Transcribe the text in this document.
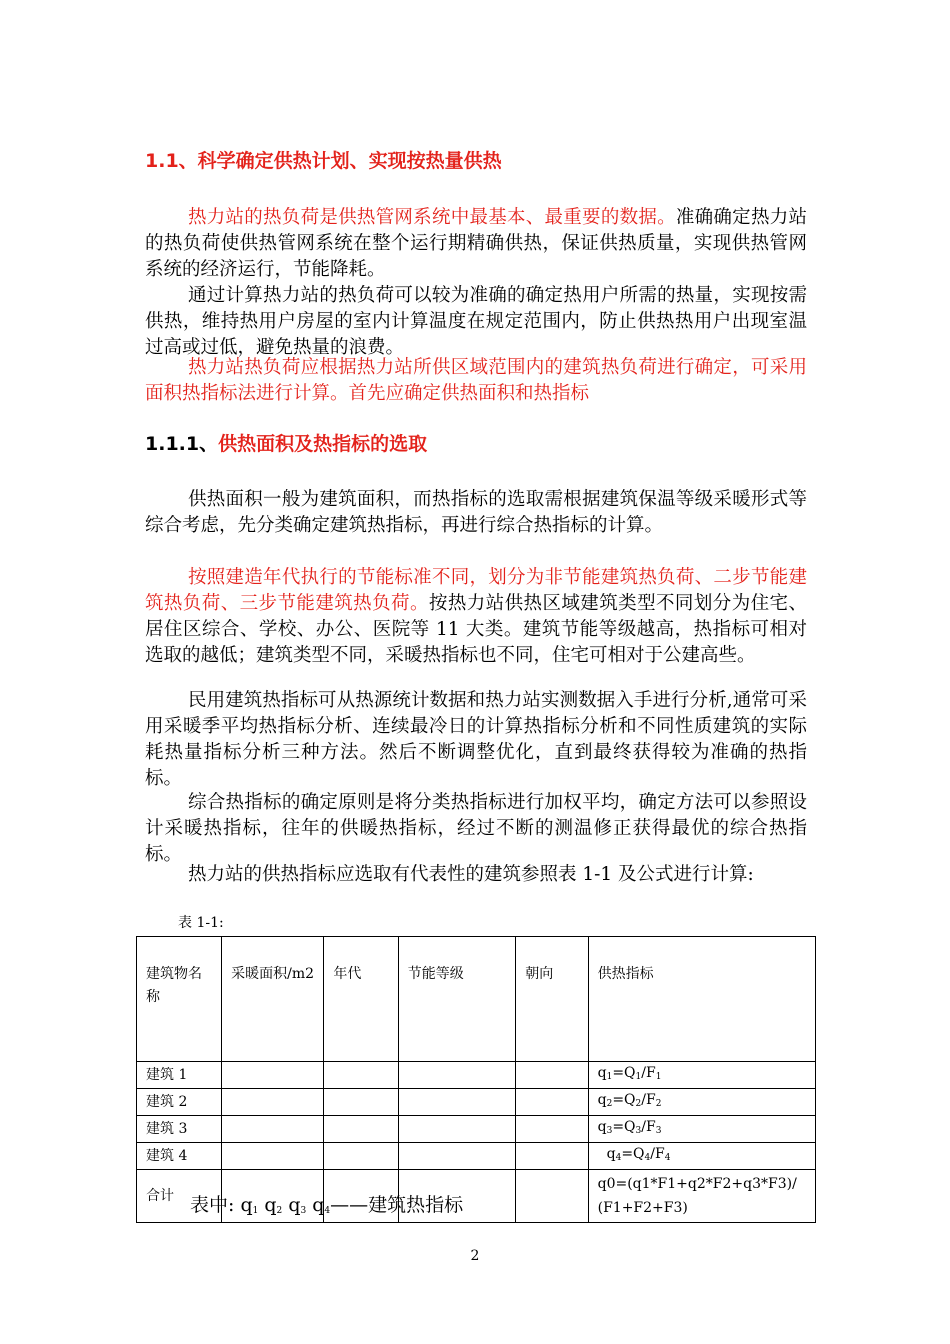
1.1、科学确定供热计划、实现按热量供热

热力站的热负荷是供热管网系统中最基本、最重要的数据。准确确定热力站的热负荷使供热管网系统在整个运行期精确供热，保证供热质量，实现供热管网系统的经济运行，节能降耗。

通过计算热力站的热负荷可以较为准确的确定热用户所需的热量，实现按需供热，维持热用户房屋的室内计算温度在规定范围内，防止供热热用户出现室温过高或过低，避免热量的浪费。

热力站热负荷应根据热力站所供区域范围内的建筑热负荷进行确定，可采用面积热指标法进行计算。首先应确定供热面积和热指标

1.1.1、供热面积及热指标的选取

供热面积一般为建筑面积，而热指标的选取需根据建筑保温等级采暖形式等综合考虑，先分类确定建筑热指标，再进行综合热指标的计算。

按照建造年代执行的节能标准不同，划分为非节能建筑热负荷、二步节能建筑热负荷、三步节能建筑热负荷。按热力站供热区域建筑类型不同划分为住宅、居住区综合、学校、办公、医院等 11 大类。建筑节能等级越高，热指标可相对选取的越低；建筑类型不同，采暖热指标也不同，住宅可相对于公建高些。

民用建筑热指标可从热源统计数据和热力站实测数据入手进行分析,通常可采用采暖季平均热指标分析、连续最冷日的计算热指标分析和不同性质建筑的实际耗热量指标分析三种方法。然后不断调整优化，直到最终获得较为准确的热指标。

综合热指标的确定原则是将分类热指标进行加权平均，确定方法可以参照设计采暖热指标，往年的供暖热指标，经过不断的测温修正获得最优的综合热指标。

热力站的供热指标应选取有代表性的建筑参照表 1-1 及公式进行计算:

表 1-1:
建筑物名称	采暖面积/m2	年代	节能等级	朝向	供热指标
建筑 1					$q_1=Q_1/F_1$
建筑 2					$q_2=Q_2/F_2$
建筑 3					$q_3=Q_3/F_3$
建筑 4					$q_4=Q_4/F_4$
合计					q0=(q1*F1+q2*F2+q3*F3)/
(F1+F2+F3)
表中: $q_1$ $q_2$ $q_3$ $q_4——$建筑热指标
2
